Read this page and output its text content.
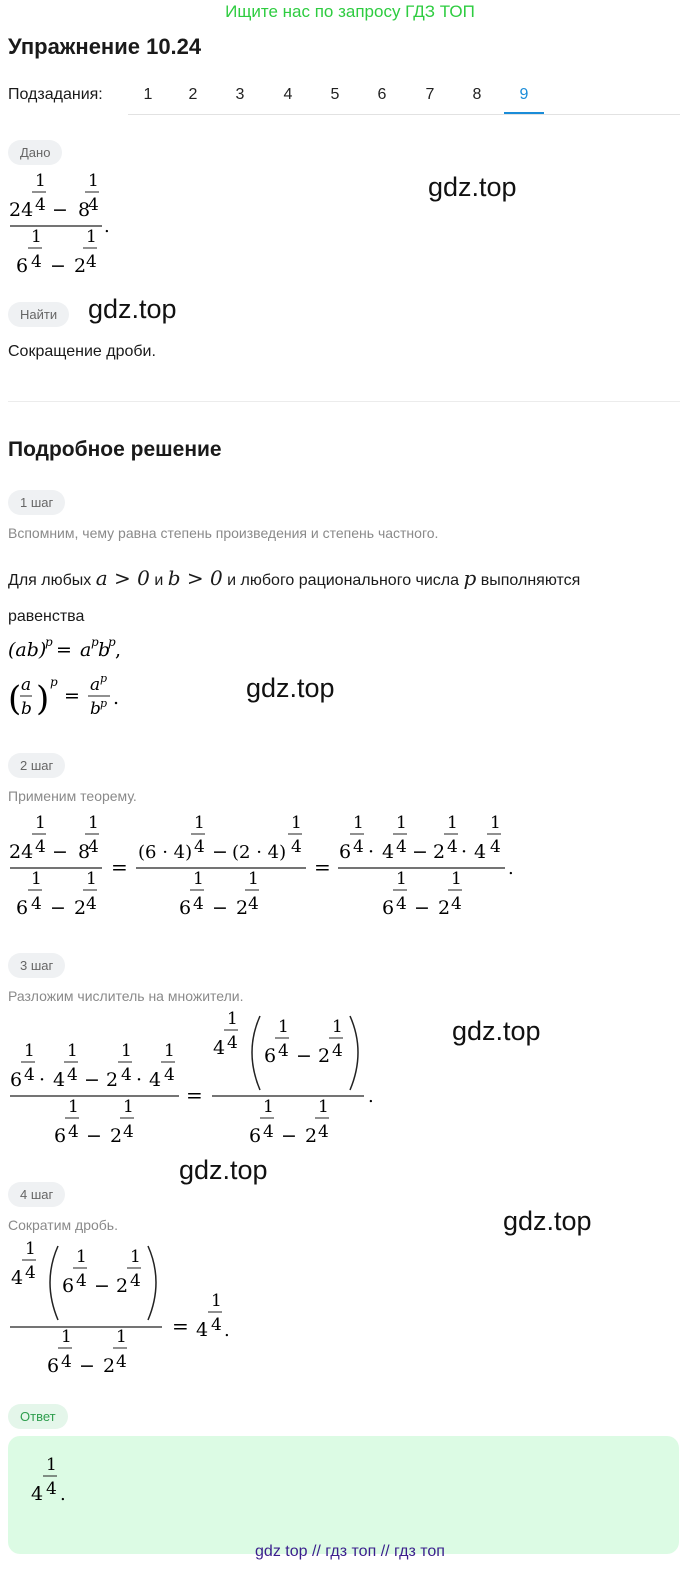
Ищите нас по запросу ГДЗ ТОП
Упражнение 10.24
Подзадания:	1	2	3	4	5	6	7	8	9
Дано
1
4
24 − 8
1
4
.
1
4
6 − 2
1
4
gdz.top
Найти	gdz.top
Сокращение дроби.
Подробное решение
1 шаг
Вспомним, чему равна степень произведения и степень частного.
Для любых a > 0 и b > 0 и любого рационального числа p выполняются
равенства
(ab)
p = a p b
p ,
( a
b ) p
= a p
b p .	gdz.top
2 шаг
Применим теорему.
1
4
24 − 8
1
4
1
4
6 − 2
1
4
=
(6 · 4)
1
4 − (2 · 4)
1
4
1
4
6 − 2
1
4
=
6
1
4 · 4
1
4 − 2
1
4 · 4
1
4
.
1
4
6 − 2
1
4
3 шаг
Разложим числитель на множители.
6
1
4 · 4
1
4 − 2
1
4 · 4
1
4
1
4
6 − 2
1
4
=
4
1
4
6
1
4 − 2
1
4
.
1
4
6 − 2
1
4
gdz.top
gdz.top
4 шаг
Сократим дробь.	gdz.top
4
1
4
6
1
4 − 2
1
4
1
4
6 − 2
1
4
= 4
1
4 .
Ответ
4
1
4 .
gdz top // гдз топ // гдз топ
